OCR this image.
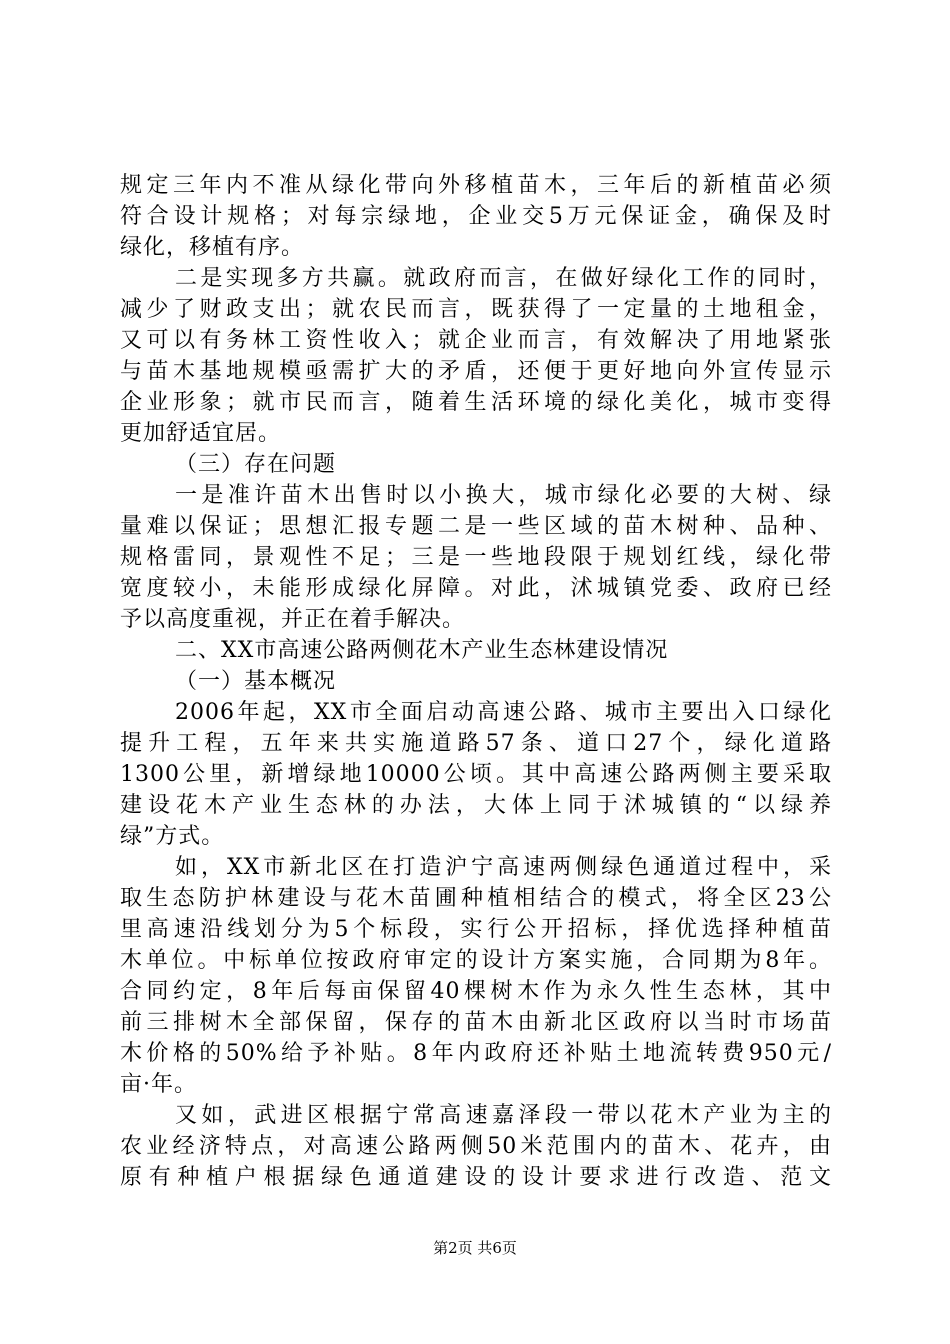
规定三年内不准从绿化带向外移植苗木，三年后的新植苗必须
符合设计规格；对每宗绿地，企业交5万元保证金，确保及时
绿化，移植有序。
二是实现多方共赢。就政府而言，在做好绿化工作的同时，
减少了财政支出；就农民而言，既获得了一定量的土地租金，
又可以有务林工资性收入；就企业而言，有效解决了用地紧张
与苗木基地规模亟需扩大的矛盾，还便于更好地向外宣传显示
企业形象；就市民而言，随着生活环境的绿化美化，城市变得
更加舒适宜居。
（三）存在问题
一是准许苗木出售时以小换大，城市绿化必要的大树、绿
量难以保证；思想汇报专题二是一些区域的苗木树种、品种、
规格雷同，景观性不足；三是一些地段限于规划红线，绿化带
宽度较小，未能形成绿化屏障。对此，沭城镇党委、政府已经
予以高度重视，并正在着手解决。
二、XX市高速公路两侧花木产业生态林建设情况
（一）基本概况
2006年起，XX市全面启动高速公路、城市主要出入口绿化
提升工程，五年来共实施道路57条、道口27个，绿化道路
1300公里，新增绿地10000公顷。其中高速公路两侧主要采取
建设花木产业生态林的办法，大体上同于沭城镇的“以绿养
绿”方式。
如，XX市新北区在打造沪宁高速两侧绿色通道过程中，采
取生态防护林建设与花木苗圃种植相结合的模式，将全区23公
里高速沿线划分为5个标段，实行公开招标，择优选择种植苗
木单位。中标单位按政府审定的设计方案实施，合同期为8年。
合同约定，8年后每亩保留40棵树木作为永久性生态林，其中
前三排树木全部保留，保存的苗木由新北区政府以当时市场苗
木价格的50%给予补贴。8年内政府还补贴土地流转费950元/
亩·年。
又如，武进区根据宁常高速嘉泽段一带以花木产业为主的
农业经济特点，对高速公路两侧50米范围内的苗木、花卉，由
原有种植户根据绿色通道建设的设计要求进行改造、范文
第2页 共6页
